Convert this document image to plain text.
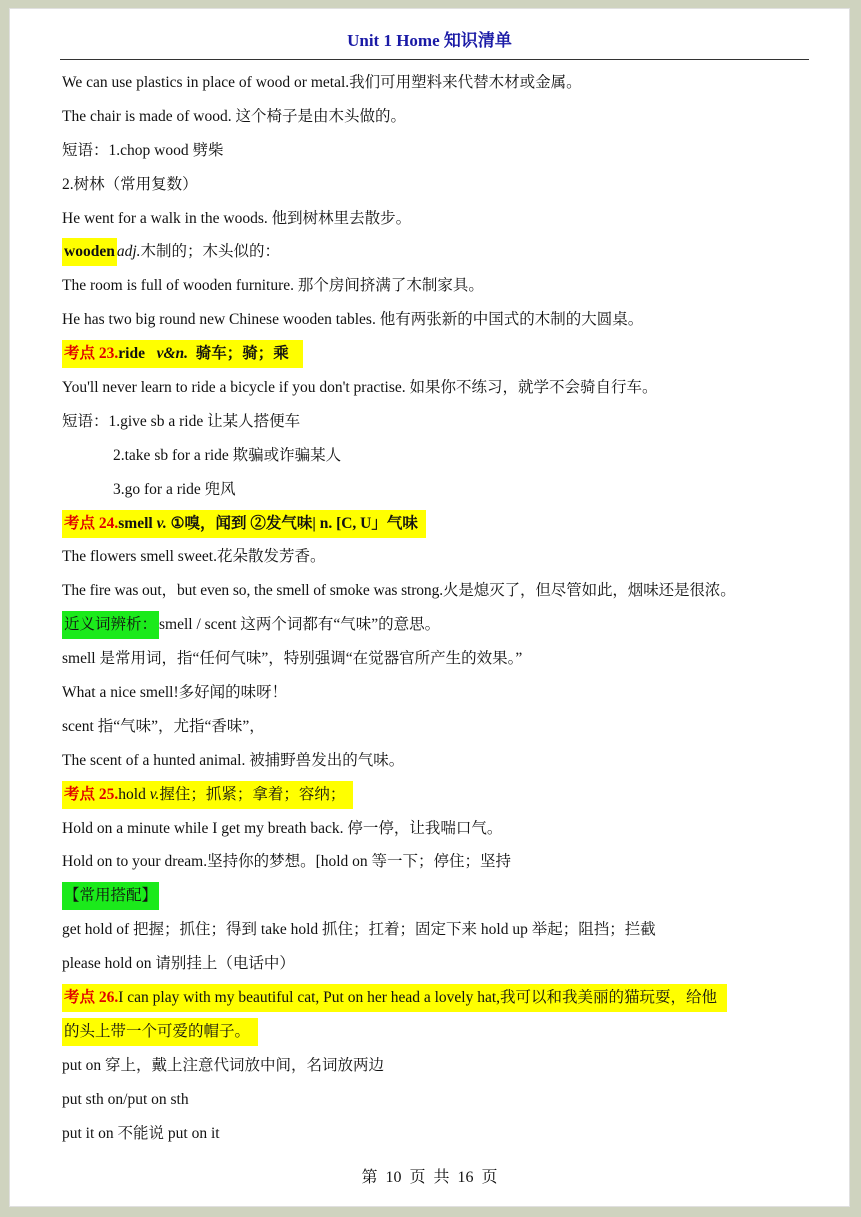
Unit 1 Home 知识清单
We can use plastics in place of wood or metal.我们可用塑料来代替木材或金属。
The chair is made of wood. 这个椅子是由木头做的。
短语：1.chop wood 劈柴
2.树林（常用复数）
He went for a walk in the woods. 他到树林里去散步。
wooden adj. 木制的；木头似的：
The room is full of wooden furniture. 那个房间挤满了木制家具。
He has two big round new Chinese wooden tables. 他有两张新的中国式的木制的大圆桌。
考点 23.ride   v&n.  骑车；骑；乘
You'll never learn to ride a bicycle if you don't practise. 如果你不练习，就学不会骑自行车。
短语：1.give sb a ride 让某人搭便车
2.take sb for a ride 欺骗或诈骗某人
3.go for a ride 兜风
考点 24.smell v. ①嗅，闻到 ②发气味| n. [C, U」气味
The flowers smell sweet.花朵散发芳香。
The fire was out，but even so, the smell of smoke was strong.火是熄灭了，但尽管如此，烟味还是很浓。
近义词辨析： smell / scent 这两个词都有“气味”的意思。
smell 是常用词，指“任何气味”，特别强调“在觉器官所产生的效果。”
What a nice smell!多好闻的味呀！
scent 指“气味”，尤指“香味”，
The scent of a hunted animal. 被捕野兽发出的气味。
考点 25.hold v.握住；抓紧；拿着；容纳；
Hold on a minute while I get my breath back. 停一停，让我喘口气。
Hold on to your dream.坚持你的梦想。[hold on 等一下；停住；坚持
【常用搭配】
get hold of 把握；抓住；得到 take hold 抓住；扛着；固定下来 hold up 举起；阻挡；拦截
please hold on 请别挂上（电话中）
考点 26.I can play with my beautiful cat, Put on her head a lovely hat,我可以和我美丽的猫玩耍，给他
的头上带一个可爱的帽子。
put on 穿上，戴上注意代词放中间，名词放两边
put sth on/put on sth
put it on 不能说 put on it
第  10  页  共  16  页
